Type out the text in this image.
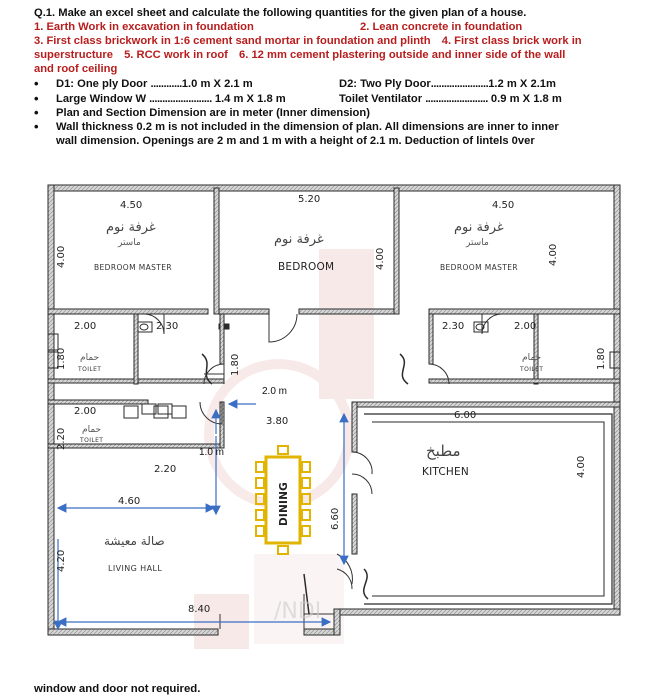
Q.1. Make an excel sheet and calculate the following quantities for the given plan of a house.
1. Earth Work in excavation in foundation	2. Lean concrete in foundation
3. First class brickwork in 1:6 cement sand mortar in foundation and plinth 4. First class brick work in
superstructure 5. RCC work in roof 6. 12 mm cement plastering outside and inner side of the wall
and roof ceiling
• D1: One ply Door ............1.0 m X 2.1 m	D2: Two Ply Door......................1.2 m X 2.1m
• Large Window W ........................ 1.4 m X 1.8 m	Toilet Ventilator ........................ 0.9 m X 1.8 m
• Plan and Section Dimension are in meter (Inner dimension)
• Wall thickness 0.2 m is not included in the dimension of plan. All dimensions are inner to inner
wall dimension. Openings are 2 m and 1 m with a height of 2.1 m. Deduction of lintels 0ver
/NDI
4.50
5.20
4.50
4.00	4.00	4.00
2.00	2.30
1.80
2.30	2.00
1.80
1.80
2.00
2.20
2.20
3.80
6.00
4.00
4.60
4.20
6.60
8.40
غرفة نوم
ماستر
BEDROOM MASTER
غرفة نوم
BEDROOM
غرفة نوم
ماستر
BEDROOM MASTER
حمام
TOILET
حمام
TOILET
حمام
TOILET
مطبخ
KITCHEN
صالة معيشة
LIVING HALL
DINING
2.0 m
1.0 m
window and door not required.
